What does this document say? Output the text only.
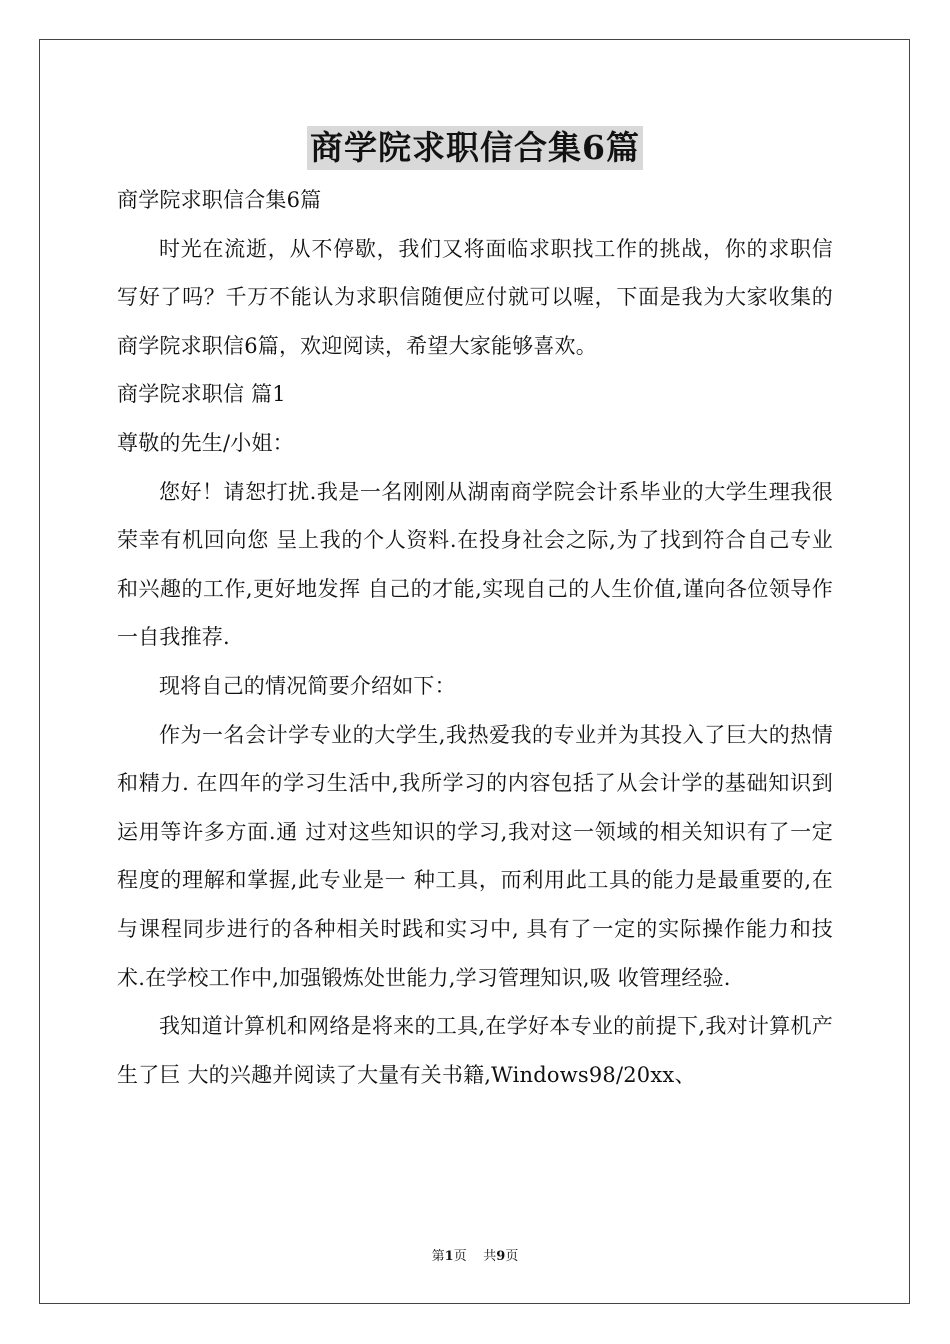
商学院求职信合集6篇

商学院求职信合集6篇

时光在流逝，从不停歇，我们又将面临求职找工作的挑战，你的求职信写好了吗？千万不能认为求职信随便应付就可以喔，下面是我为大家收集的商学院求职信6篇，欢迎阅读，希望大家能够喜欢。

商学院求职信 篇1

尊敬的先生/小姐：

您好！请恕打扰.我是一名刚刚从湖南商学院会计系毕业的大学生理我很荣幸有机回向您 呈上我的个人资料.在投身社会之际,为了找到符合自己专业和兴趣的工作,更好地发挥 自己的才能,实现自己的人生价值,谨向各位领导作一自我推荐.

现将自己的情况简要介绍如下：

作为一名会计学专业的大学生,我热爱我的专业并为其投入了巨大的热情和精力. 在四年的学习生活中,我所学习的内容包括了从会计学的基础知识到运用等许多方面.通 过对这些知识的学习,我对这一领域的相关知识有了一定程度的理解和掌握,此专业是一 种工具，而利用此工具的能力是最重要的,在与课程同步进行的各种相关时践和实习中, 具有了一定的实际操作能力和技术.在学校工作中,加强锻炼处世能力,学习管理知识,吸 收管理经验.

我知道计算机和网络是将来的工具,在学好本专业的前提下,我对计算机产生了巨 大的兴趣并阅读了大量有关书籍,Windows98/20xx、

第1页 共9页
